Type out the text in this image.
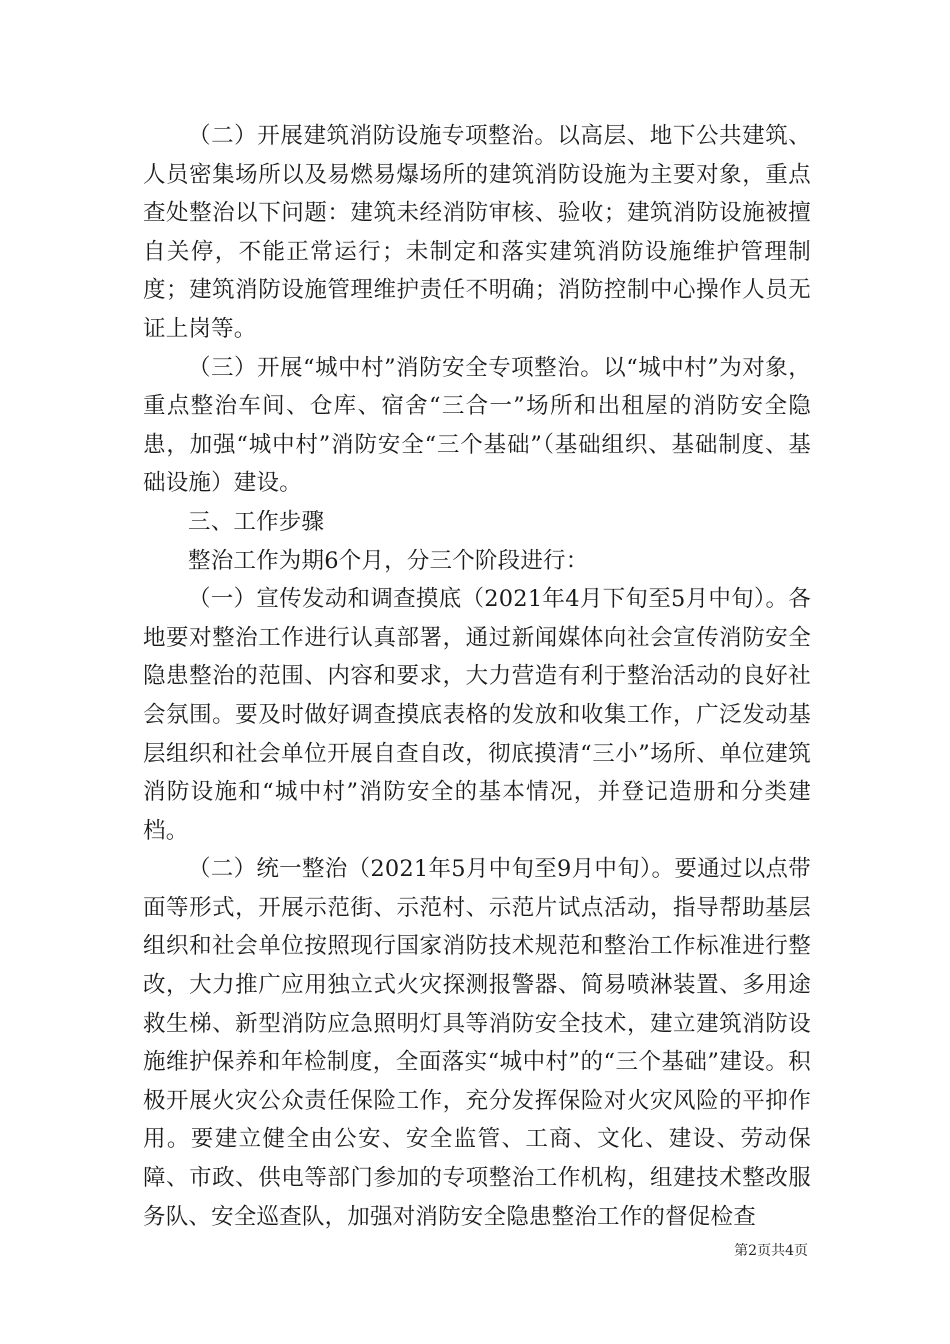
（二）开展建筑消防设施专项整治。以高层、地下公共建筑、人员密集场所以及易燃易爆场所的建筑消防设施为主要对象，重点查处整治以下问题：建筑未经消防审核、验收；建筑消防设施被擅自关停，不能正常运行；未制定和落实建筑消防设施维护管理制度；建筑消防设施管理维护责任不明确；消防控制中心操作人员无证上岗等。

（三）开展“城中村”消防安全专项整治。以“城中村”为对象，重点整治车间、仓库、宿舍“三合一”场所和出租屋的消防安全隐患，加强“城中村”消防安全“三个基础”（基础组织、基础制度、基础设施）建设。

三、工作步骤

整治工作为期6个月，分三个阶段进行：

（一）宣传发动和调查摸底（2021年4月下旬至5月中旬）。各地要对整治工作进行认真部署，通过新闻媒体向社会宣传消防安全隐患整治的范围、内容和要求，大力营造有利于整治活动的良好社会氛围。要及时做好调查摸底表格的发放和收集工作，广泛发动基层组织和社会单位开展自查自改，彻底摸清“三小”场所、单位建筑消防设施和“城中村”消防安全的基本情况，并登记造册和分类建档。

（二）统一整治（2021年5月中旬至9月中旬）。要通过以点带面等形式，开展示范街、示范村、示范片试点活动，指导帮助基层组织和社会单位按照现行国家消防技术规范和整治工作标准进行整改，大力推广应用独立式火灾探测报警器、简易喷淋装置、多用途救生梯、新型消防应急照明灯具等消防安全技术，建立建筑消防设施维护保养和年检制度，全面落实“城中村”的“三个基础”建设。积极开展火灾公众责任保险工作，充分发挥保险对火灾风险的平抑作用。要建立健全由公安、安全监管、工商、文化、建设、劳动保障、市政、供电等部门参加的专项整治工作机构，组建技术整改服务队、安全巡查队，加强对消防安全隐患整治工作的督促检查

第2页共4页
